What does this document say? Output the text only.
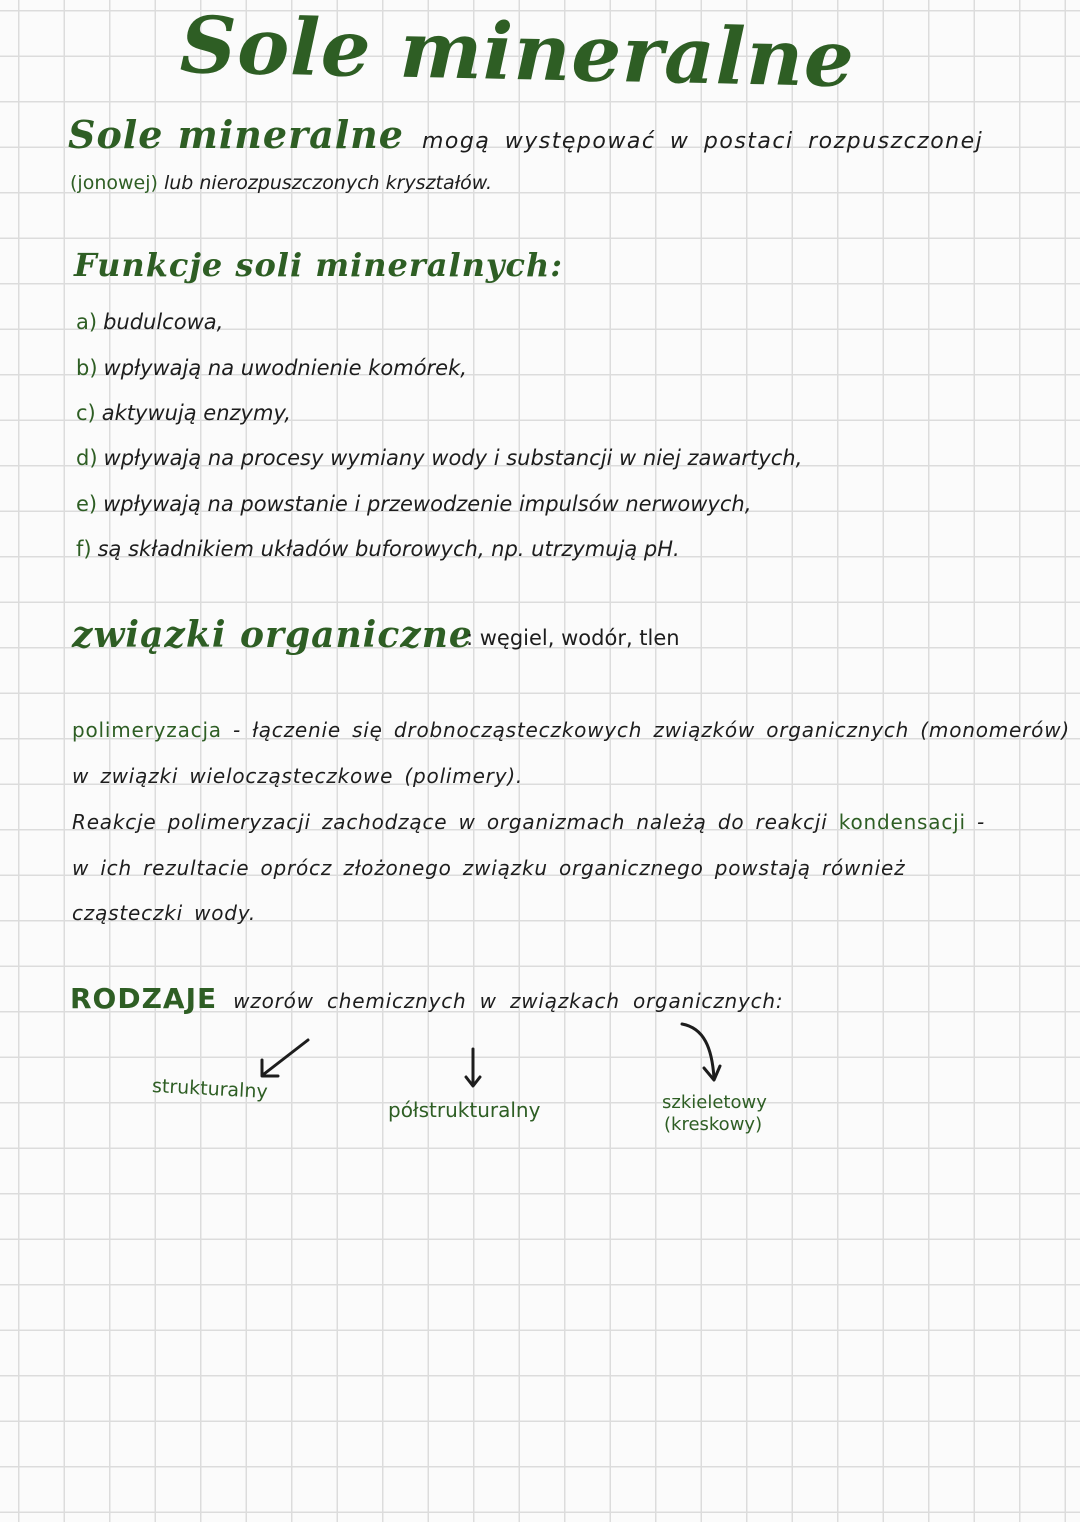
Sole mineralne
Sole mineralne mogą występować w postaci rozpuszczonej
(jonowej) lub nierozpuszczonych kryształów.
Funkcje soli mineralnych:
a) budulcowa,
b) wpływają na uwodnienie komórek,
c) aktywują enzymy,
d) wpływają na procesy wymiany wody i substancji w niej zawartych,
e) wpływają na powstanie i przewodzenie impulsów nerwowych,
f) są składnikiem układów buforowych, np. utrzymują pH.
związki organiczne
: węgiel, wodór, tlen
polimeryzacja - łączenie się drobnocząsteczkowych związków organicznych (monomerów)
w związki wielocząsteczkowe (polimery).
Reakcje polimeryzacji zachodzące w organizmach należą do reakcji kondensacji -
w ich rezultacie oprócz złożonego związku organicznego powstają również
cząsteczki wody.
RODZAJE wzorów chemicznych w związkach organicznych:
strukturalny
półstrukturalny	szkieletowy
(kreskowy)
